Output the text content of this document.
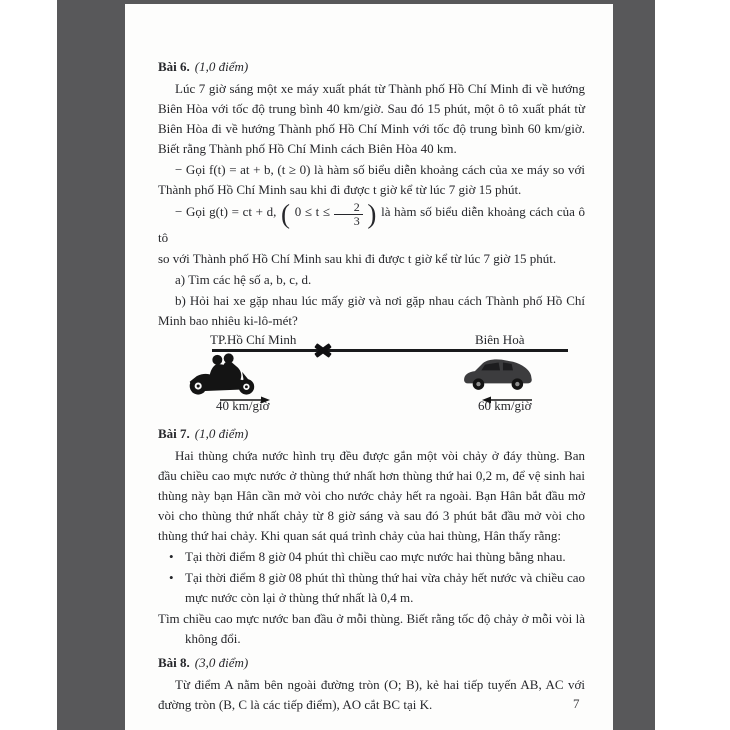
Bài 6. (1,0 điểm)

Lúc 7 giờ sáng một xe máy xuất phát từ Thành phố Hồ Chí Minh đi về hướng Biên Hòa với tốc độ trung bình 40 km/giờ. Sau đó 15 phút, một ô tô xuất phát từ Biên Hòa đi về hướng Thành phố Hồ Chí Minh với tốc độ trung bình 60 km/giờ. Biết rằng Thành phố Hồ Chí Minh cách Biên Hòa 40 km.

− Gọi f(t) = at + b, (t ≥ 0) là hàm số biểu diễn khoảng cách của xe máy so với Thành phố Hồ Chí Minh sau khi đi được t giờ kể từ lúc 7 giờ 15 phút.

− Gọi g(t) = ct + d, ( $0 \le t \le \frac{2}{3}$ ) là hàm số biểu diễn khoảng cách của ô tô

so với Thành phố Hồ Chí Minh sau khi đi được t giờ kể từ lúc 7 giờ 15 phút.

a) Tìm các hệ số a, b, c, d.

b) Hỏi hai xe gặp nhau lúc mấy giờ và nơi gặp nhau cách Thành phố Hồ Chí Minh bao nhiêu ki-lô-mét?

TP.Hồ Chí Minh	Biên Hoà
40 km/giờ	60 km/giờ

Bài 7. (1,0 điểm)

Hai thùng chứa nước hình trụ đều được gắn một vòi chảy ở đáy thùng. Ban đầu chiều cao mực nước ở thùng thứ nhất hơn thùng thứ hai 0,2 m, để vệ sinh hai thùng này bạn Hân cần mở vòi cho nước chảy hết ra ngoài. Bạn Hân bắt đầu mở vòi cho thùng thứ nhất chảy từ 8 giờ sáng và sau đó 3 phút bắt đầu mở vòi cho thùng thứ hai chảy. Khi quan sát quá trình chảy của hai thùng, Hân thấy rằng:

• Tại thời điểm 8 giờ 04 phút thì chiều cao mực nước hai thùng bằng nhau.
• Tại thời điểm 8 giờ 08 phút thì thùng thứ hai vừa chảy hết nước và chiều cao mực nước còn lại ở thùng thứ nhất là 0,4 m.

Tìm chiều cao mực nước ban đầu ở mỗi thùng. Biết rằng tốc độ chảy ở mỗi vòi là không đổi.

Bài 8. (3,0 điểm)

Từ điểm A nằm bên ngoài đường tròn (O; B), kẻ hai tiếp tuyến AB, AC với đường tròn (B, C là các tiếp điểm), AO cắt BC tại K.	7
